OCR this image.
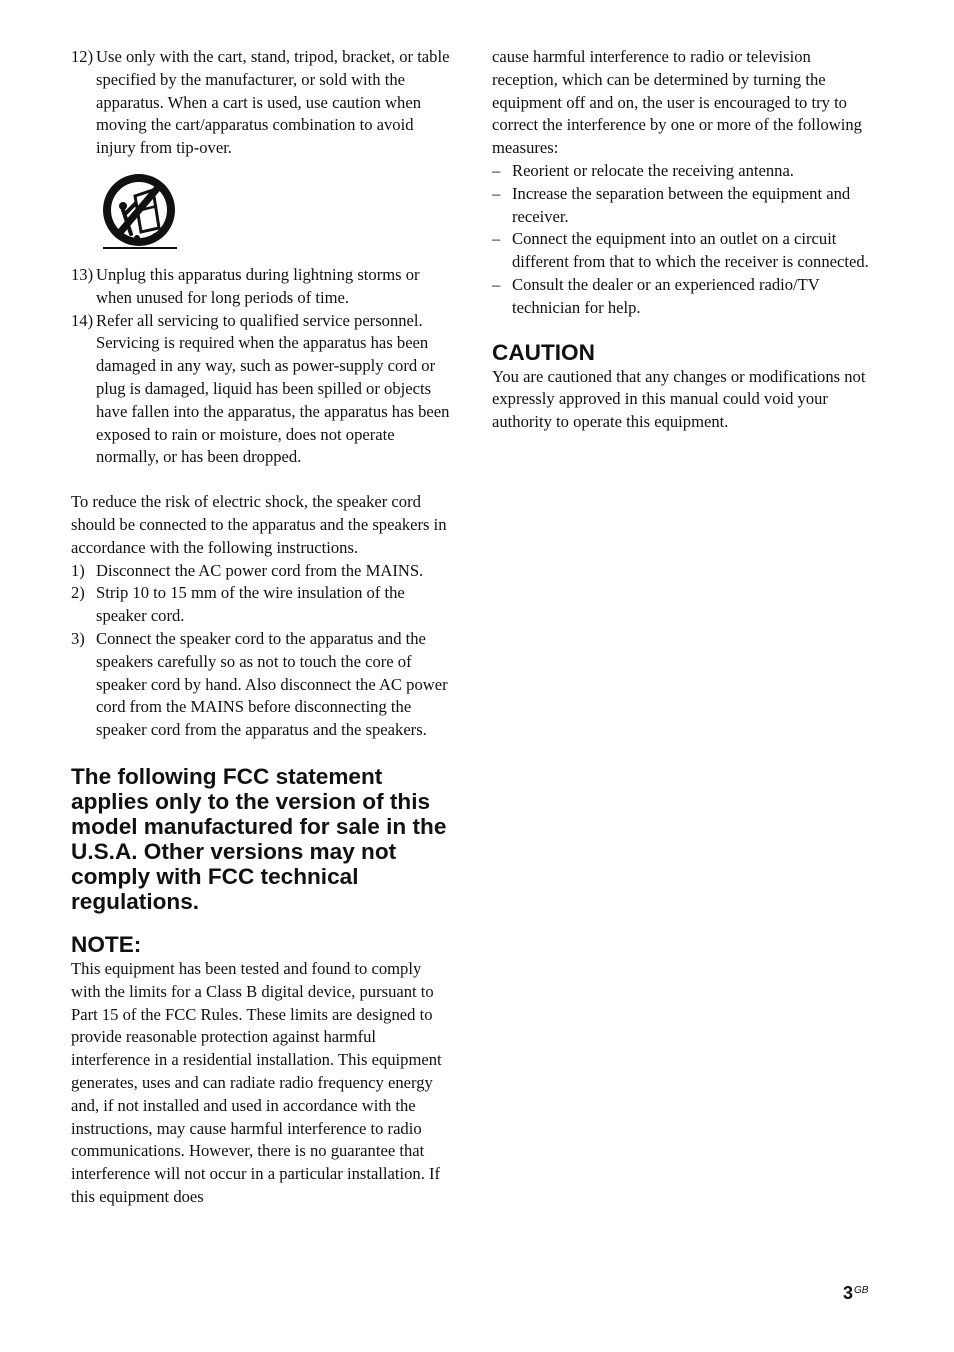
12) Use only with the cart, stand, tripod, bracket, or table specified by the manufacturer, or sold with the apparatus. When a cart is used, use caution when moving the cart/apparatus combination to avoid injury from tip-over.
13) Unplug this apparatus during lightning storms or when unused for long periods of time.
14) Refer all servicing to qualified service personnel. Servicing is required when the apparatus has been damaged in any way, such as power-supply cord or plug is damaged, liquid has been spilled or objects have fallen into the apparatus, the apparatus has been exposed to rain or moisture, does not operate normally, or has been dropped.

To reduce the risk of electric shock, the speaker cord should be connected to the apparatus and the speakers in accordance with the following instructions.

1) Disconnect the AC power cord from the MAINS.
2) Strip 10 to 15 mm of the wire insulation of the speaker cord.
3) Connect the speaker cord to the apparatus and the speakers carefully so as not to touch the core of speaker cord by hand. Also disconnect the AC power cord from the MAINS before disconnecting the speaker cord from the apparatus and the speakers.
The following FCC statement applies only to the version of this model manufactured for sale in the U.S.A. Other versions may not comply with FCC technical regulations.
NOTE:

This equipment has been tested and found to comply with the limits for a Class B digital device, pursuant to Part 15 of the FCC Rules. These limits are designed to provide reasonable protection against harmful interference in a residential installation. This equipment generates, uses and can radiate radio frequency energy and, if not installed and used in accordance with the instructions, may cause harmful interference to radio communications. However, there is no guarantee that interference will not occur in a particular installation. If this equipment does

cause harmful interference to radio or television reception, which can be determined by turning the equipment off and on, the user is encouraged to try to correct the interference by one or more of the following measures:

– Reorient or relocate the receiving antenna.
– Increase the separation between the equipment and receiver.
– Connect the equipment into an outlet on a circuit different from that to which the receiver is connected.
– Consult the dealer or an experienced radio/TV technician for help.
CAUTION

You are cautioned that any changes or modifications not expressly approved in this manual could void your authority to operate this equipment.

$3^{GB}$
